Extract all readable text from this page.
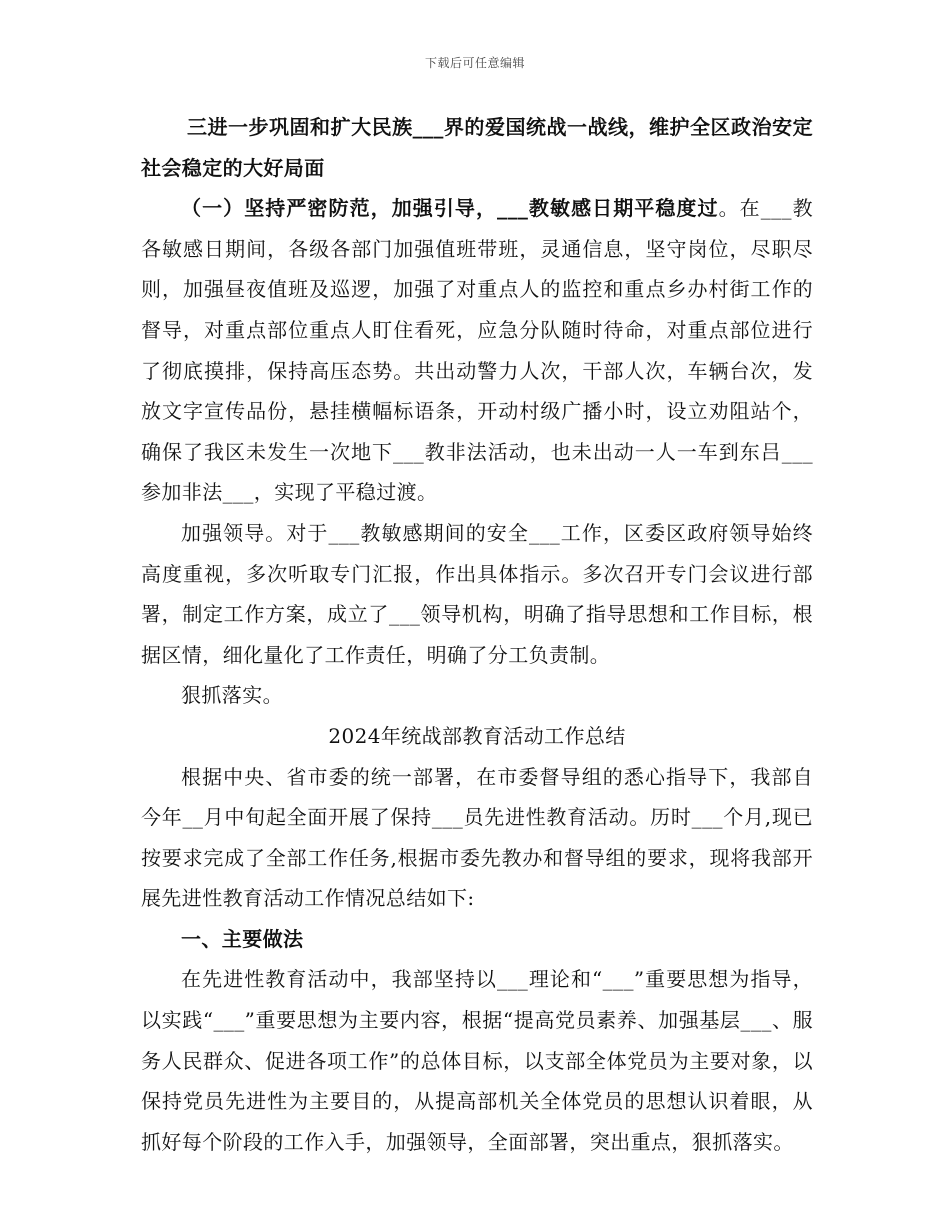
下载后可任意编辑

三进一步巩固和扩大民族___界的爱国统战一战线，维护全区政治安定社会稳定的大好局面

（一）坚持严密防范，加强引导，___教敏感日期平稳度过。在___教各敏感日期间，各级各部门加强值班带班，灵通信息，坚守岗位，尽职尽则，加强昼夜值班及巡逻，加强了对重点人的监控和重点乡办村街工作的督导，对重点部位重点人盯住看死，应急分队随时待命，对重点部位进行了彻底摸排，保持高压态势。共出动警力人次，干部人次，车辆台次，发放文字宣传品份，悬挂横幅标语条，开动村级广播小时，设立劝阻站个，确保了我区未发生一次地下___教非法活动，也未出动一人一车到东吕___参加非法___，实现了平稳过渡。

加强领导。对于___教敏感期间的安全___工作，区委区政府领导始终高度重视，多次听取专门汇报，作出具体指示。多次召开专门会议进行部署，制定工作方案，成立了___领导机构，明确了指导思想和工作目标，根据区情，细化量化了工作责任，明确了分工负责制。

狠抓落实。

2024年统战部教育活动工作总结

根据中央、省市委的统一部署，在市委督导组的悉心指导下，我部自今年__月中旬起全面开展了保持___员先进性教育活动。历时___个月,现已按要求完成了全部工作任务,根据市委先教办和督导组的要求，现将我部开展先进性教育活动工作情况总结如下:

一、主要做法

在先进性教育活动中，我部坚持以___理论和“___”重要思想为指导，以实践“___”重要思想为主要内容，根据“提高党员素养、加强基层___、服务人民群众、促进各项工作”的总体目标，以支部全体党员为主要对象，以保持党员先进性为主要目的，从提高部机关全体党员的思想认识着眼，从抓好每个阶段的工作入手，加强领导，全面部署，突出重点，狠抓落实。
